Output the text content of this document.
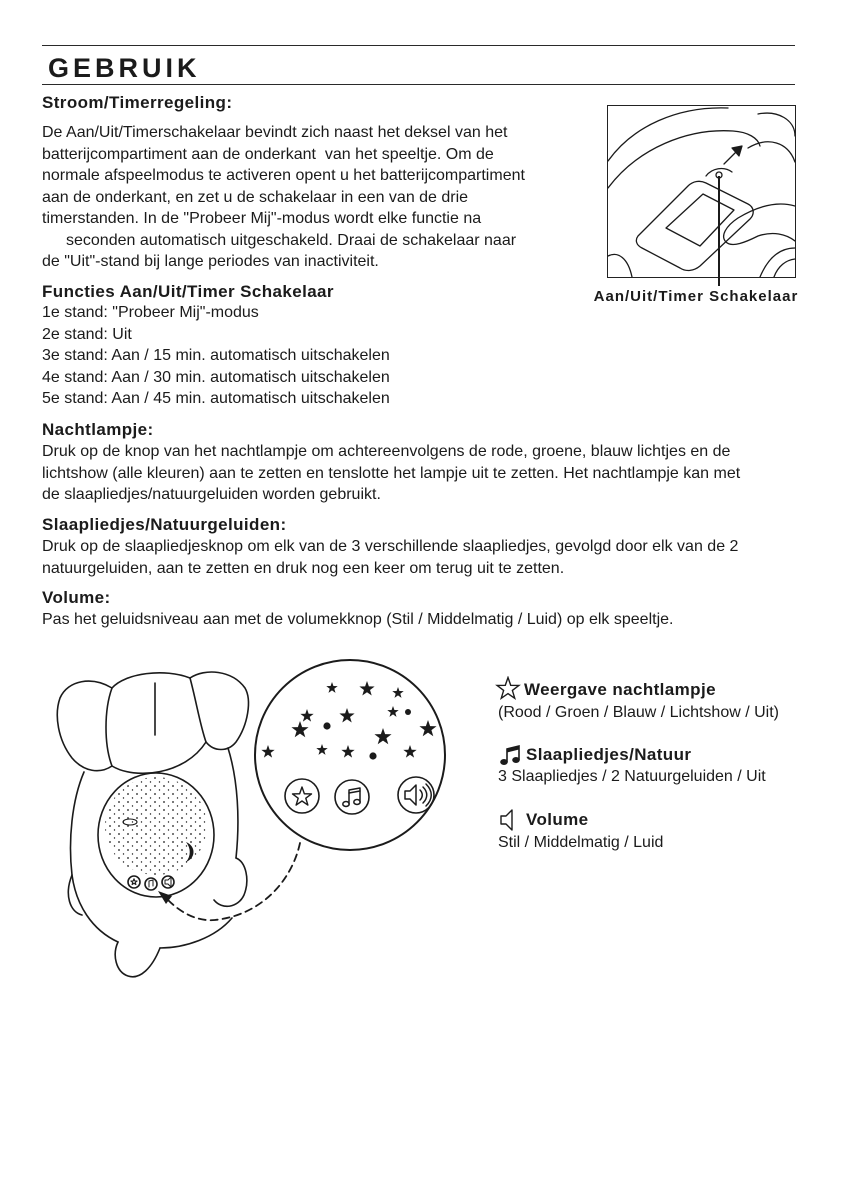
GEBRUIK
Stroom/Timerregeling:
De Aan/Uit/Timerschakelaar bevindt zich naast het deksel van het
batterijcompartiment aan de onderkant  van het speeltje. Om de
normale afspeelmodus te activeren opent u het batterijcompartiment
aan de onderkant, en zet u de schakelaar in een van de drie
timerstanden. In de "Probeer Mij"-modus wordt elke functie na
seconden automatisch uitgeschakeld. Draai de schakelaar naar
de "Uit"-stand bij lange periodes van inactiviteit.
Aan/Uit/Timer Schakelaar
Functies Aan/Uit/Timer Schakelaar
1e stand: "Probeer Mij"-modus
2e stand: Uit
3e stand: Aan / 15 min. automatisch uitschakelen
4e stand: Aan / 30 min. automatisch uitschakelen
5e stand: Aan / 45 min. automatisch uitschakelen
Nachtlampje:
Druk op de knop van het nachtlampje om achtereenvolgens de rode, groene, blauw lichtjes en de
lichtshow (alle kleuren) aan te zetten en tenslotte het lampje uit te zetten. Het nachtlampje kan met
de slaapliedjes/natuurgeluiden worden gebruikt.
Slaapliedjes/Natuurgeluiden:
Druk op de slaapliedjesknop om elk van de 3 verschillende slaapliedjes, gevolgd door elk van de 2
natuurgeluiden, aan te zetten en druk nog een keer om terug uit te zetten.
Volume:
Pas het geluidsniveau aan met de volumekknop (Stil / Middelmatig / Luid) op elk speeltje.
Weergave nachtlampje
(Rood / Groen / Blauw / Lichtshow / Uit)
Slaapliedjes/Natuur
3 Slaapliedjes / 2 Natuurgeluiden / Uit
Volume
Stil / Middelmatig / Luid
